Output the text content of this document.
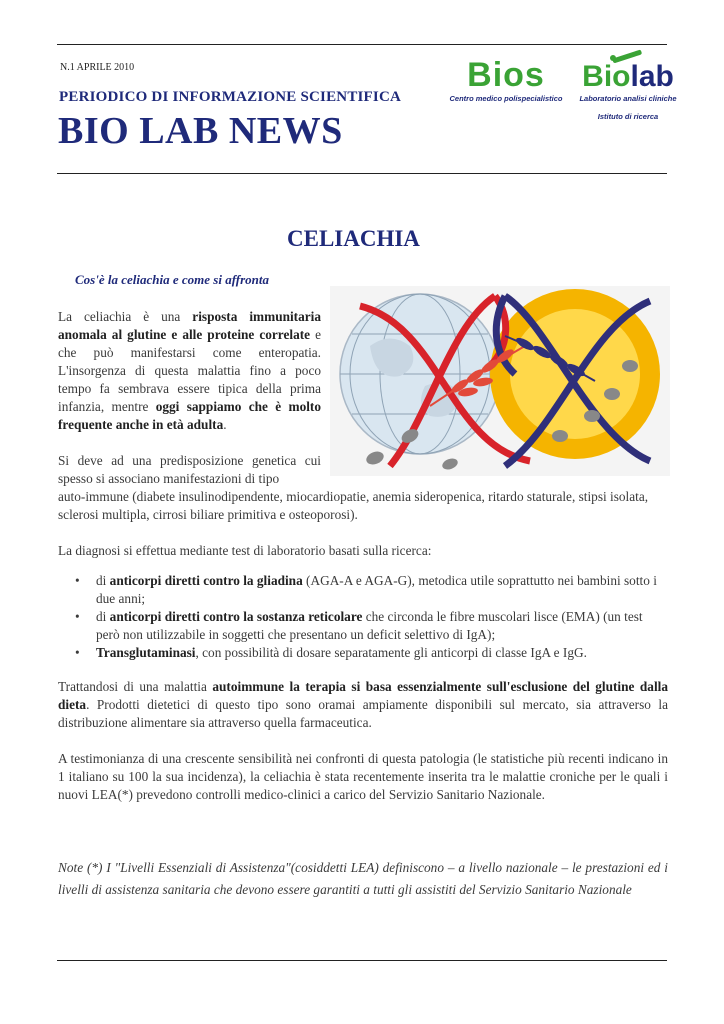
N.1 APRILE 2010
PERIODICO DI INFORMAZIONE SCIENTIFICA
BIO LAB NEWS
Bios
Centro medico polispecialistico
Biolab
Laboratorio analisi cliniche
Istituto di ricerca
CELIACHIA
Cos'è la celiachia e come si affronta
La celiachia è una risposta immunitaria anomala al glutine e alle proteine correlate e che può manifestarsi come enteropatia. L'insorgenza di questa malattia fino a poco tempo fa sembrava essere tipica della prima infanzia, mentre oggi sappiamo che è molto frequente anche in età adulta.
Si deve ad una predisposizione genetica cui spesso si associano manifestazioni di tipo
auto-immune (diabete insulinodipendente, miocardiopatie, anemia sideropenica, ritardo staturale, stipsi isolata, sclerosi multipla, cirrosi biliare primitiva e osteoporosi).
La diagnosi si effettua mediante test di laboratorio basati sulla ricerca:
• di anticorpi diretti contro la gliadina (AGA-A e AGA-G), metodica utile soprattutto nei bambini sotto i due anni;
• di anticorpi diretti contro la sostanza reticolare che circonda le fibre muscolari lisce (EMA) (un test però non utilizzabile in soggetti che presentano un deficit selettivo di IgA);
• Transglutaminasi, con possibilità di dosare separatamente gli anticorpi di classe IgA e IgG.
Trattandosi di una malattia autoimmune la terapia si basa essenzialmente sull'esclusione del glutine dalla dieta. Prodotti dietetici di questo tipo sono oramai ampiamente disponibili sul mercato, sia attraverso la distribuzione alimentare sia attraverso quella farmaceutica.
A testimonianza di una crescente sensibilità nei confronti di questa patologia (le statistiche più recenti indicano in 1 italiano su 100 la sua incidenza), la celiachia è stata recentemente inserita tra le malattie croniche per le quali i nuovi LEA(*) prevedono controlli medico-clinici a carico del Servizio Sanitario Nazionale.
Note (*) I "Livelli Essenziali di Assistenza"(cosiddetti LEA) definiscono – a livello nazionale – le prestazioni ed i livelli di assistenza sanitaria che devono essere garantiti a tutti gli assistiti del Servizio Sanitario Nazionale
